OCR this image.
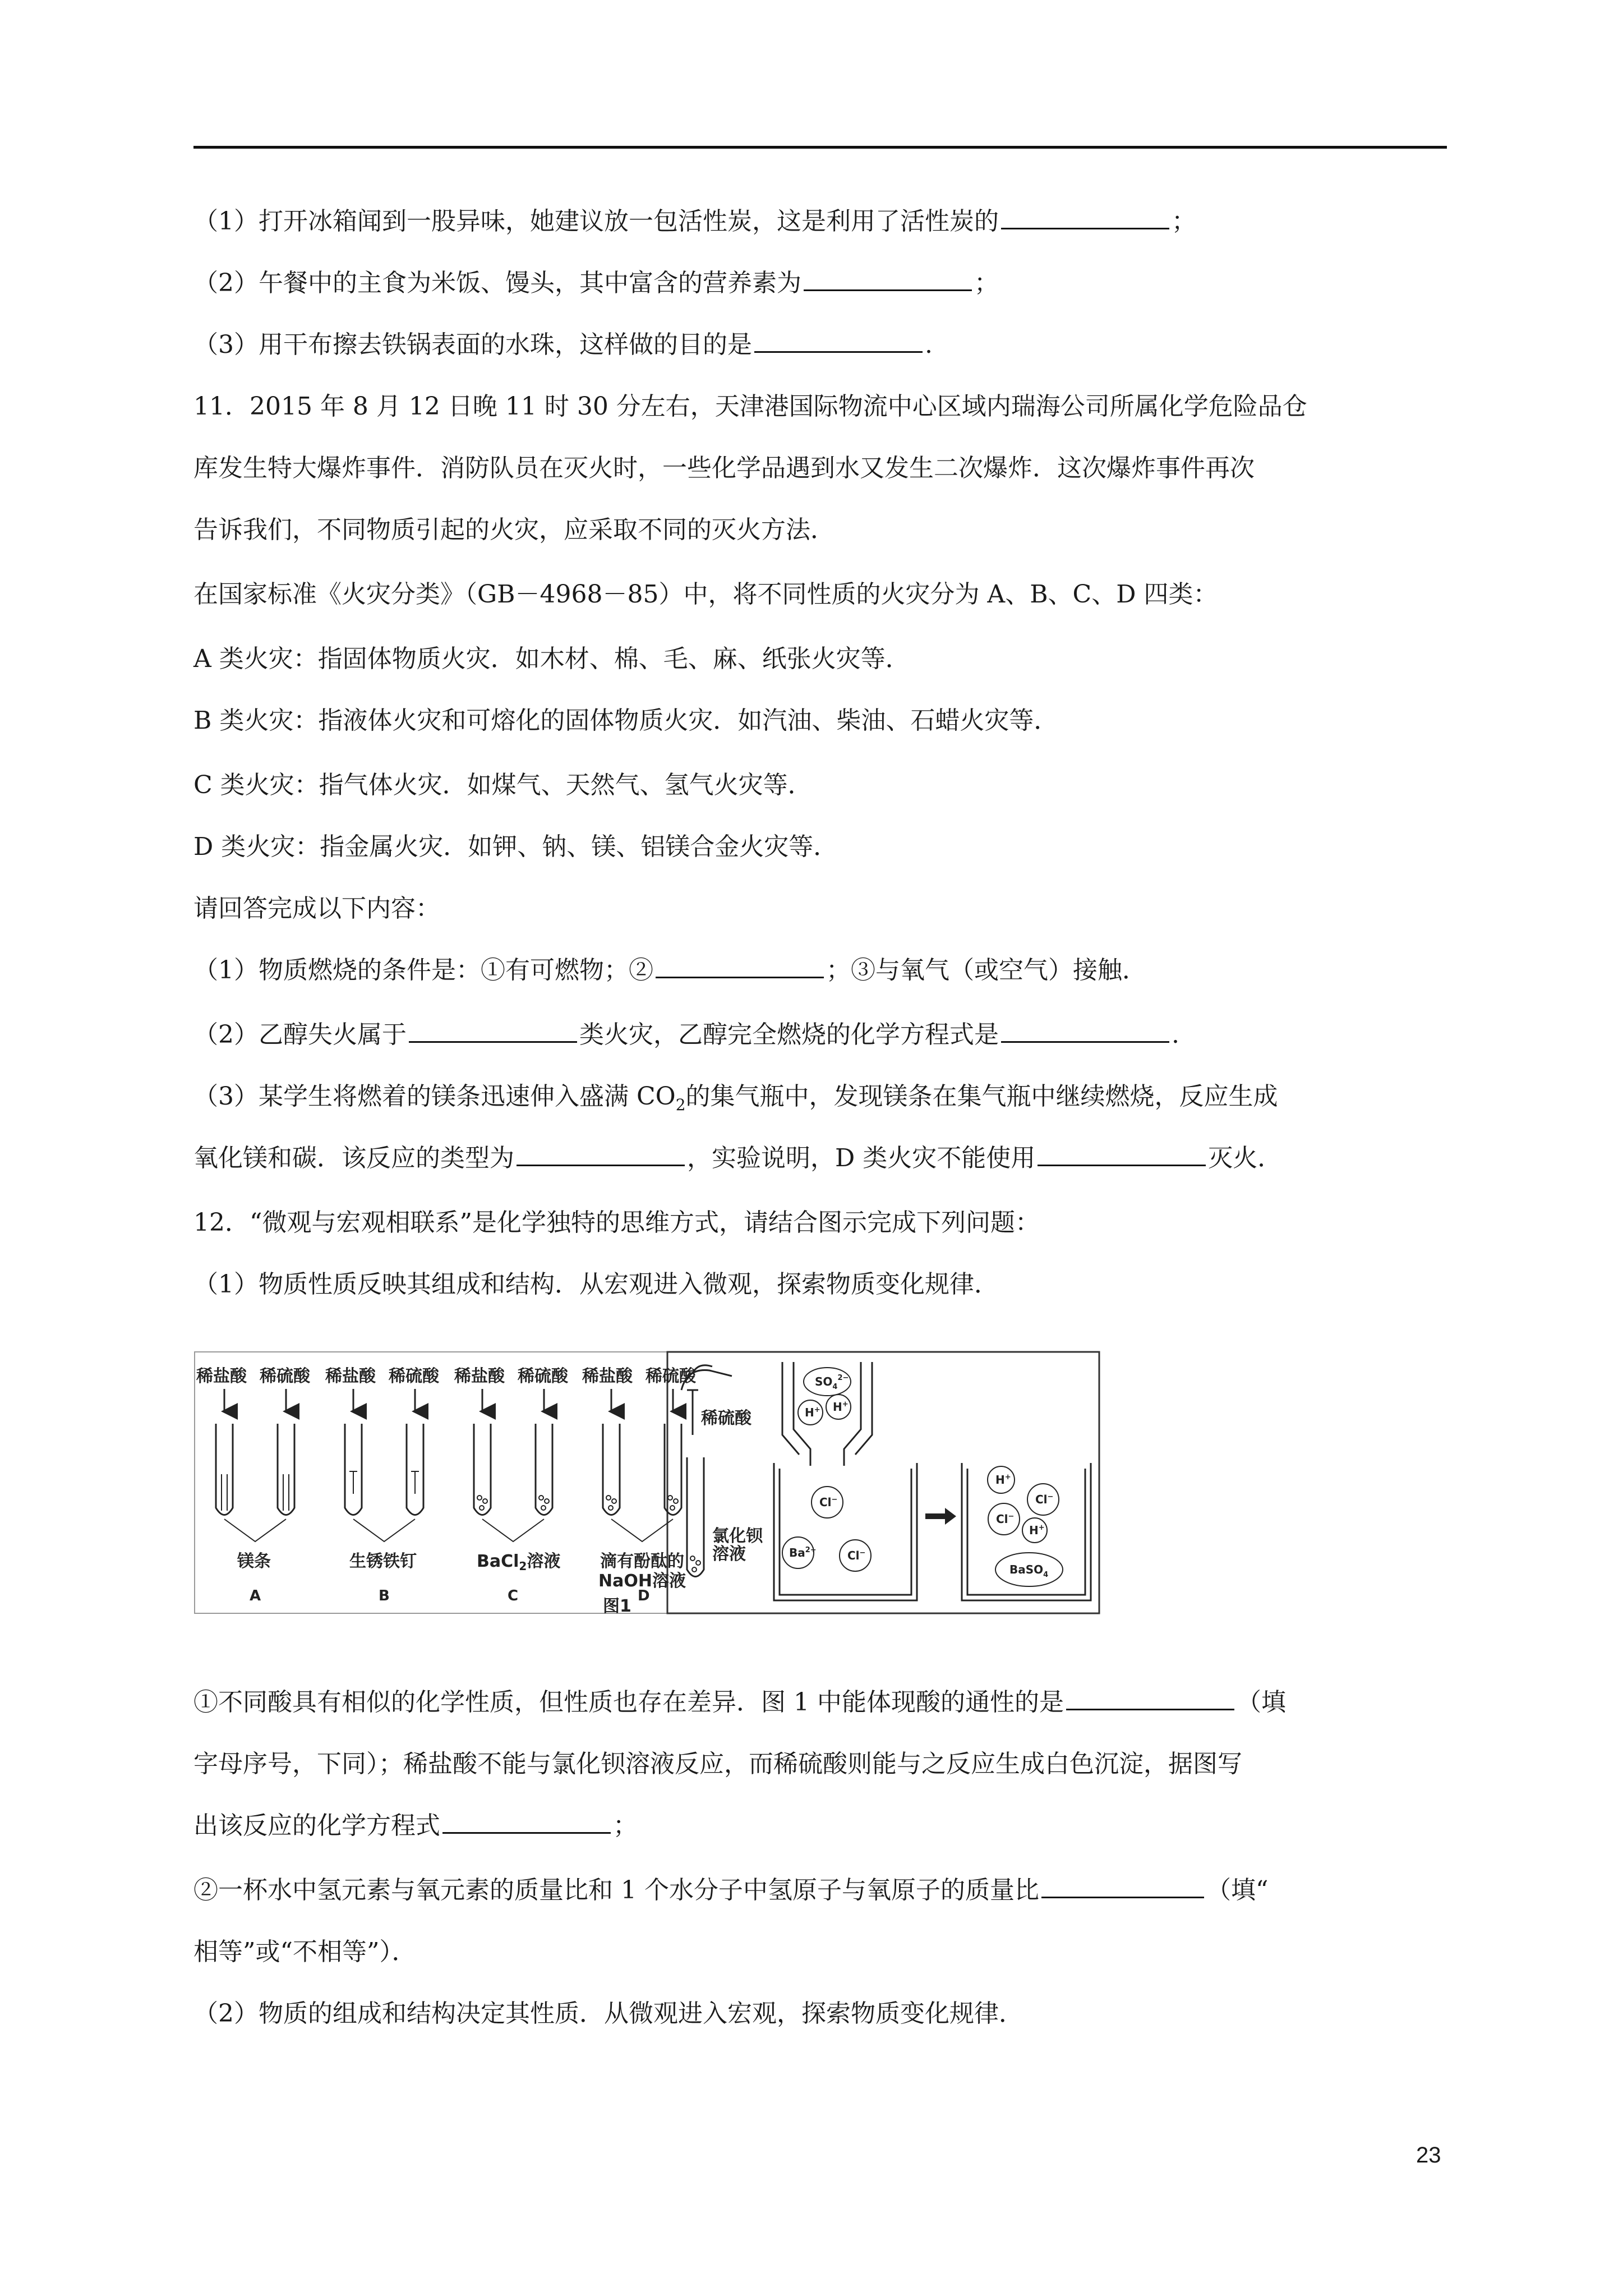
（1）打开冰箱闻到一股异味，她建议放一包活性炭，这是利用了活性炭的	；
（2）午餐中的主食为米饭、馒头，其中富含的营养素为	；
（3）用干布擦去铁锅表面的水珠，这样做的目的是	.
11．2015 年 8 月 12 日晚 11 时 30 分左右，天津港国际物流中心区域内瑞海公司所属化学危险品仓
库发生特大爆炸事件．消防队员在灭火时，一些化学品遇到水又发生二次爆炸．这次爆炸事件再次
告诉我们，不同物质引起的火灾，应采取不同的灭火方法．
在国家标准《火灾分类》（GB－4968－85）中，将不同性质的火灾分为 A、B、C、D 四类：
A 类火灾：指固体物质火灾．如木材、棉、毛、麻、纸张火灾等．
B 类火灾：指液体火灾和可熔化的固体物质火灾．如汽油、柴油、石蜡火灾等．
C 类火灾：指气体火灾．如煤气、天然气、氢气火灾等．
D 类火灾：指金属火灾．如钾、钠、镁、铝镁合金火灾等．
请回答完成以下内容：
（1）物质燃烧的条件是：①有可燃物；②	；③与氧气（或空气）接触．
（2）乙醇失火属于	类火灾，乙醇完全燃烧的化学方程式是	.
（3）某学生将燃着的镁条迅速伸入盛满 $CO_2$的集气瓶中，发现镁条在集气瓶中继续燃烧，反应生成
氧化镁和碳．该反应的类型为	，实验说明，D 类火灾不能使用	灭火．
12．“微观与宏观相联系”是化学独特的思维方式，请结合图示完成下列问题：
（1）物质性质反映其组成和结构．从宏观进入微观，探索物质变化规律．
稀盐酸 稀硫酸 稀盐酸 稀硫酸 稀盐酸 稀硫酸 稀盐酸 稀硫酸
镁条	生锈铁钉	BaCl$_2$溶液 滴有酚酞的
NaOH溶液
A	B	C	D
图1
稀硫酸
氯化钡
溶液
$SO_4^{2-}$
H+ H+
Cl−
$Ba^{2+}$	Cl−
H+
Cl−
Cl−
H+
BaSO$_4$
①不同酸具有相似的化学性质，但性质也存在差异．图 1 中能体现酸的通性的是	（填
字母序号，下同）；稀盐酸不能与氯化钡溶液反应，而稀硫酸则能与之反应生成白色沉淀，据图写
出该反应的化学方程式	；
②一杯水中氢元素与氧元素的质量比和 1 个水分子中氢原子与氧原子的质量比	（填“
相等”或“不相等”）．
（2）物质的组成和结构决定其性质．从微观进入宏观，探索物质变化规律．
23
